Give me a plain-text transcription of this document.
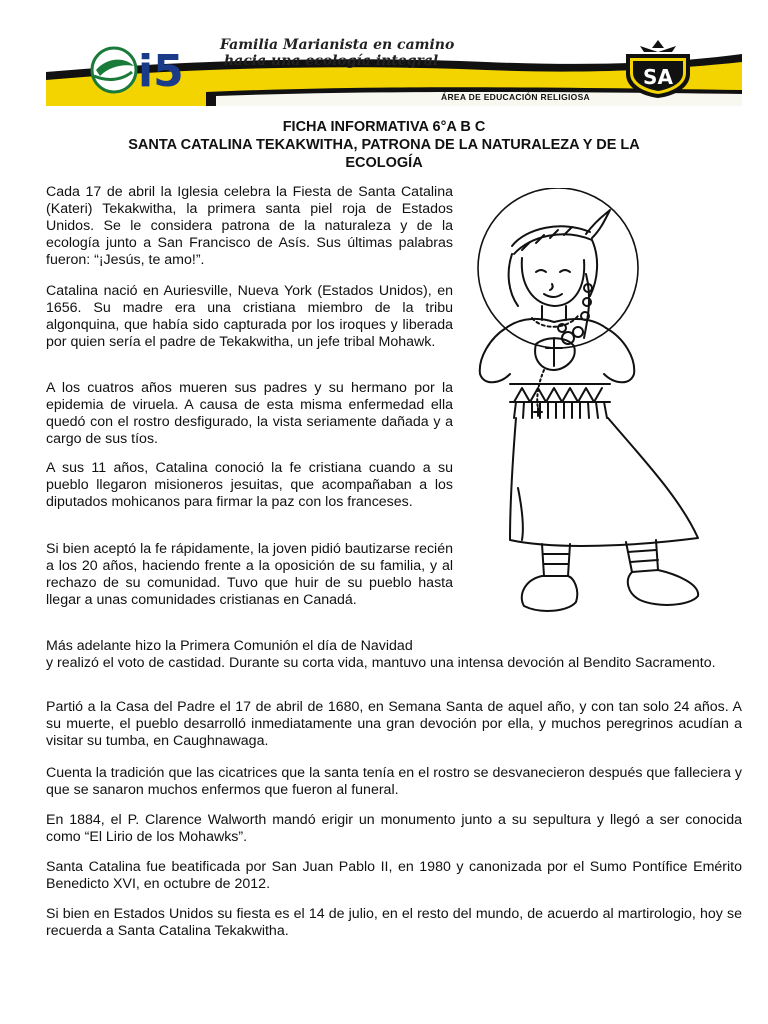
i5
Familia Marianista en camino
hacia una ecología integral
ÁREA DE EDUCACIÓN RELIGIOSA
SA
FICHA INFORMATIVA 6°A B C
SANTA CATALINA TEKAKWITHA, PATRONA DE LA NATURALEZA Y DE LA
ECOLOGÍA

Cada 17 de abril la Iglesia celebra la Fiesta de Santa Catalina (Kateri) Tekakwitha, la primera santa piel roja de Estados Unidos. Se le considera patrona de la naturaleza y de la ecología junto a San Francisco de Asís. Sus últimas palabras fueron: “¡Jesús, te amo!”.

Catalina nació en Auriesville, Nueva York (Estados Unidos), en 1656. Su madre era una cristiana miembro de la tribu algonquina, que había sido capturada por los iroques y liberada por quien sería el padre de Tekakwitha, un jefe tribal Mohawk.

A los cuatros años mueren sus padres y su hermano por la epidemia de viruela. A causa de esta misma enfermedad ella quedó con el rostro desfigurado, la vista seriamente dañada y a cargo de sus tíos.

A sus 11 años, Catalina conoció la fe cristiana cuando a su pueblo llegaron misioneros jesuitas, que acompañaban a los diputados mohicanos para firmar la paz con los franceses.

Si bien aceptó la fe rápidamente, la joven pidió bautizarse recién a los 20 años, haciendo frente a la oposición de su familia, y al rechazo de su comunidad. Tuvo que huir de su pueblo hasta llegar a unas comunidades cristianas en Canadá.

Más adelante hizo la Primera Comunión el día de Navidad

y realizó el voto de castidad. Durante su corta vida, mantuvo una intensa devoción al Bendito Sacramento.

Partió a la Casa del Padre el 17 de abril de 1680, en Semana Santa de aquel año, y con tan solo 24 años. A su muerte, el pueblo desarrolló inmediatamente una gran devoción por ella, y muchos peregrinos acudían a visitar su tumba, en Caughnawaga.

Cuenta la tradición que las cicatrices que la santa tenía en el rostro se desvanecieron después que falleciera y que se sanaron muchos enfermos que fueron al funeral.

En 1884, el P. Clarence Walworth mandó erigir un monumento junto a su sepultura y llegó a ser conocida como “El Lirio de los Mohawks”.

Santa Catalina fue beatificada por San Juan Pablo II, en 1980 y canonizada por el Sumo Pontífice Emérito Benedicto XVI, en octubre de 2012.

Si bien en Estados Unidos su fiesta es el 14 de julio, en el resto del mundo, de acuerdo al martirologio, hoy se recuerda a Santa Catalina Tekakwitha.
